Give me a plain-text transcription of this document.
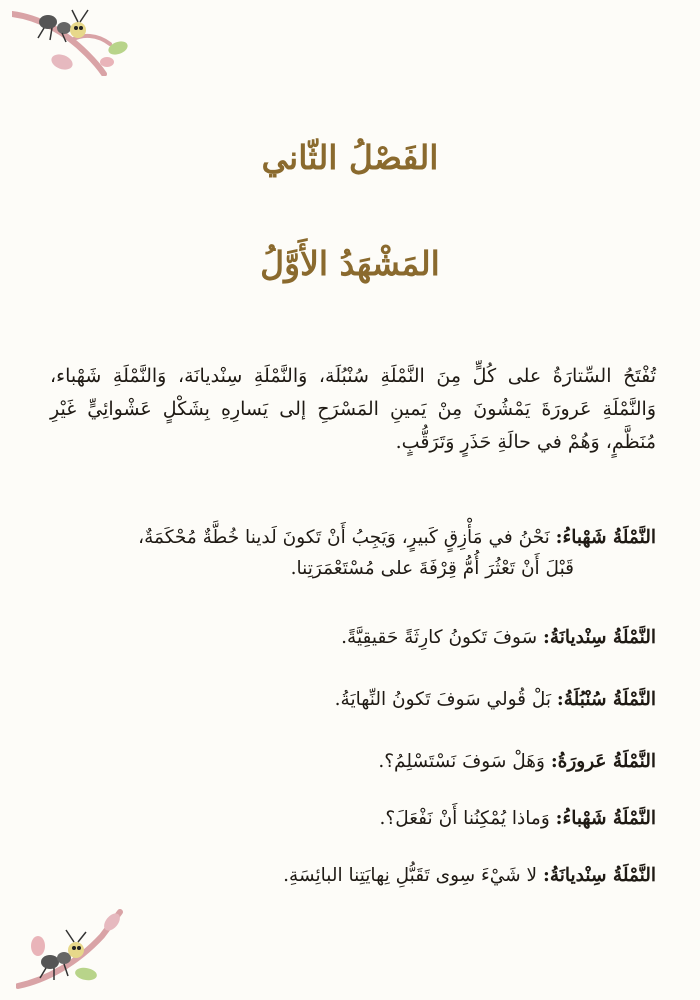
الفَصْلُ الثّاني
المَشْهَدُ الأَوَّلُ

تُفْتَحُ السِّتارَةُ على كُلٍّ مِنَ النَّمْلَةِ سُنْبُلَة، وَالنَّمْلَةِ سِنْديانَة، وَالنَّمْلَةِ شَهْباء، وَالنَّمْلَةِ عَرورَةَ يَمْشُونَ مِنْ يَمينِ المَسْرَحِ إلى يَسارِهِ بِشَكْلٍ عَشْوائِيٍّ غَيْرِ مُنَظَّمٍ، وَهُمْ في حالَةِ حَذَرٍ وَتَرَقُّبٍ.

النَّمْلَةُ شَهْباءُ: نَحْنُ في مَأْزِقٍ كَبيرٍ، وَيَجِبُ أَنْ تَكونَ لَدينا خُطَّةٌ مُحْكَمَةٌ،
قَبْلَ أَنْ تَعْثُرَ أُمُّ قِرْفَةَ على مُسْتَعْمَرَتِنا.
النَّمْلَةُ سِنْديانَةُ: سَوفَ تَكونُ كارِثَةً حَقيقِيَّةً.
النَّمْلَةُ سُنْبُلَةُ: بَلْ قُولي سَوفَ تَكونُ النِّهايَةُ.
النَّمْلَةُ عَرورَةُ: وَهَلْ سَوفَ نَسْتَسْلِمُ؟.
النَّمْلَةُ شَهْباءُ: وَماذا يُمْكِنُنا أَنْ نَفْعَلَ؟.
النَّمْلَةُ سِنْديانَةُ: لا شَيْءَ سِوى تَقَبُّلِ نِهايَتِنا البائِسَةِ.
